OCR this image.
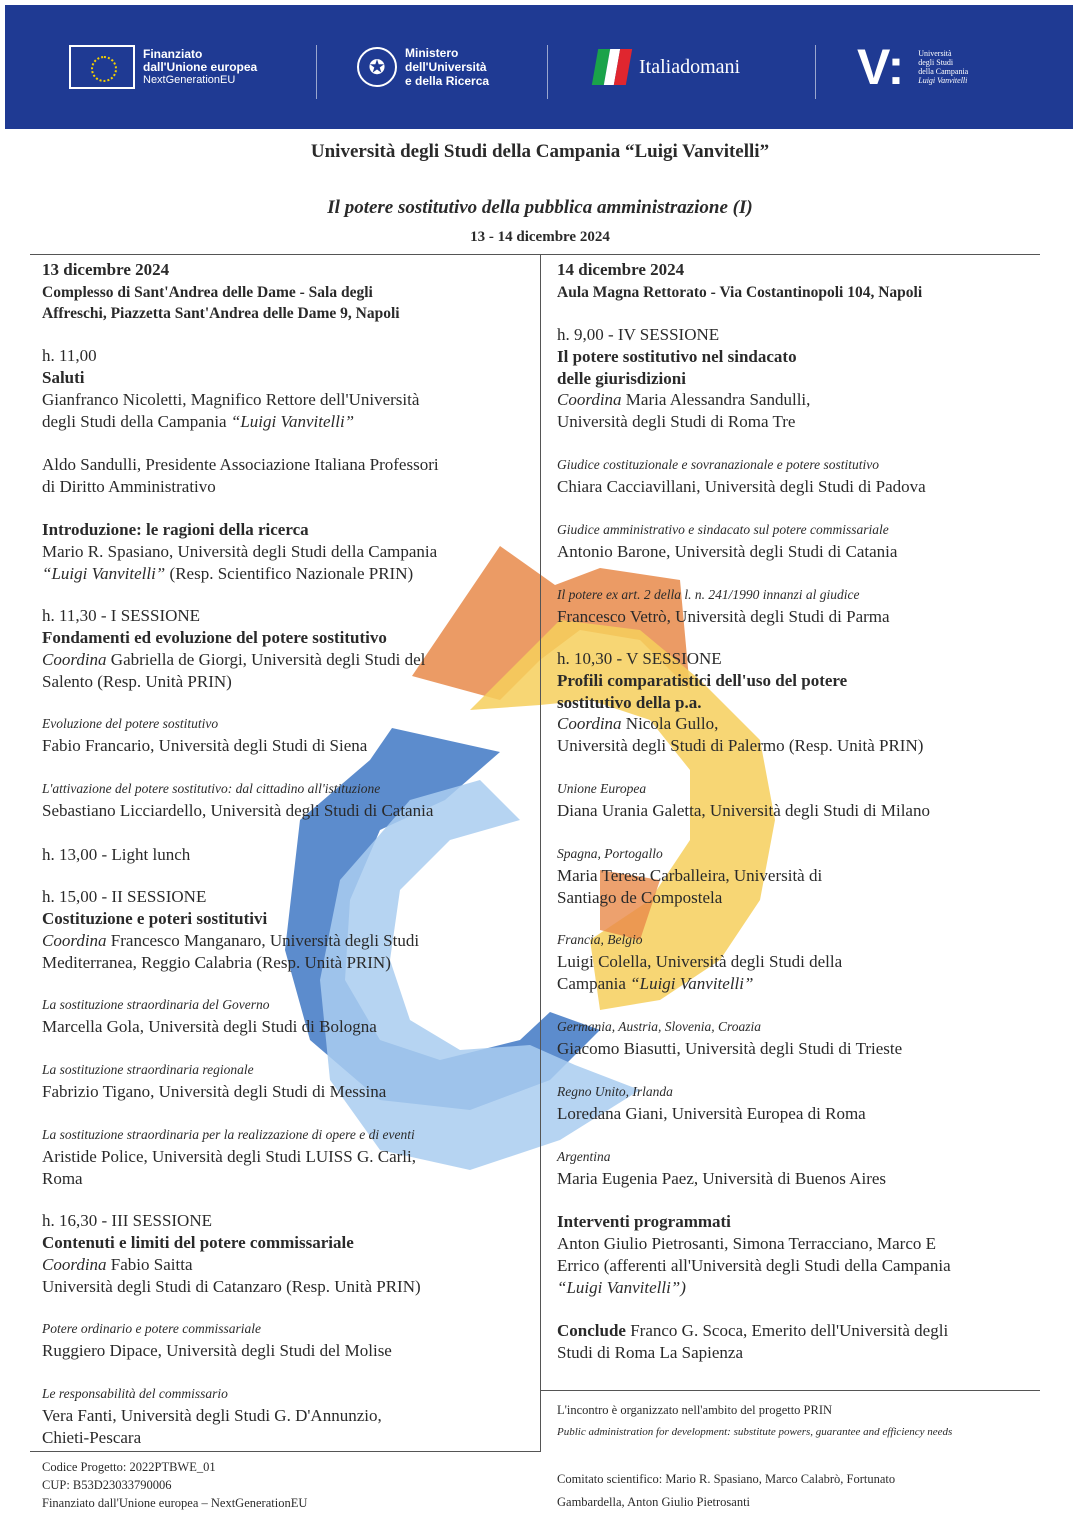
Finanziato
dall'Unione europea
NextGenerationEU
✪
Ministero
dell'Università
e della Ricerca
Italiadomani V: Università
degli Studi
della Campania
Luigi Vanvitelli
Università degli Studi della Campania “Luigi Vanvitelli”
Il potere sostitutivo della pubblica amministrazione (I)
13 - 14 dicembre 2024
13 dicembre 2024
Complesso di Sant'Andrea delle Dame - Sala degli
Affreschi, Piazzetta Sant'Andrea delle Dame 9, Napoli
h. 11,00
Saluti
Gianfranco Nicoletti, Magnifico Rettore dell'Università
degli Studi della Campania “Luigi Vanvitelli”
Aldo Sandulli, Presidente Associazione Italiana Professori
di Diritto Amministrativo
Introduzione: le ragioni della ricerca
Mario R. Spasiano, Università degli Studi della Campania
“Luigi Vanvitelli” (Resp. Scientifico Nazionale PRIN)
h. 11,30 - I SESSIONE
Fondamenti ed evoluzione del potere sostitutivo
Coordina Gabriella de Giorgi, Università degli Studi del
Salento (Resp. Unità PRIN)
Evoluzione del potere sostitutivo
Fabio Francario, Università degli Studi di Siena
L'attivazione del potere sostitutivo: dal cittadino all'istituzione
Sebastiano Licciardello, Università degli Studi di Catania
h. 13,00 - Light lunch
h. 15,00 - II SESSIONE
Costituzione e poteri sostitutivi
Coordina Francesco Manganaro, Università degli Studi
Mediterranea, Reggio Calabria (Resp. Unità PRIN)
La sostituzione straordinaria del Governo
Marcella Gola, Università degli Studi di Bologna
La sostituzione straordinaria regionale
Fabrizio Tigano, Università degli Studi di Messina
La sostituzione straordinaria per la realizzazione di opere e di eventi
Aristide Police, Università degli Studi LUISS G. Carli,
Roma
h. 16,30 - III SESSIONE
Contenuti e limiti del potere commissariale
Coordina Fabio Saitta
Università degli Studi di Catanzaro (Resp. Unità PRIN)
Potere ordinario e potere commissariale
Ruggiero Dipace, Università degli Studi del Molise
Le responsabilità del commissario
Vera Fanti, Università degli Studi G. D'Annunzio,
Chieti-Pescara
14 dicembre 2024
Aula Magna Rettorato - Via Costantinopoli 104, Napoli
h. 9,00 - IV SESSIONE
Il potere sostitutivo nel sindacato
delle giurisdizioni
Coordina Maria Alessandra Sandulli,
Università degli Studi di Roma Tre
Giudice costituzionale e sovranazionale e potere sostitutivo
Chiara Cacciavillani, Università degli Studi di Padova
Giudice amministrativo e sindacato sul potere commissariale
Antonio Barone, Università degli Studi di Catania
Il potere ex art. 2 della l. n. 241/1990 innanzi al giudice
Francesco Vetrò, Università degli Studi di Parma
h. 10,30 - V SESSIONE
Profili comparatistici dell'uso del potere
sostitutivo della p.a.
Coordina Nicola Gullo,
Università degli Studi di Palermo (Resp. Unità PRIN)
Unione Europea
Diana Urania Galetta, Università degli Studi di Milano
Spagna, Portogallo
Maria Teresa Carballeira, Università di
Santiago de Compostela
Francia, Belgio
Luigi Colella, Università degli Studi della
Campania “Luigi Vanvitelli”
Germania, Austria, Slovenia, Croazia
Giacomo Biasutti, Università degli Studi di Trieste
Regno Unito, Irlanda
Loredana Giani, Università Europea di Roma
Argentina
Maria Eugenia Paez, Università di Buenos Aires
Interventi programmati
Anton Giulio Pietrosanti, Simona Terracciano, Marco E
Errico (afferenti all'Università degli Studi della Campania
“Luigi Vanvitelli”)
Conclude Franco G. Scoca, Emerito dell'Università degli
Studi di Roma La Sapienza
L'incontro è organizzato nell'ambito del progetto PRIN
Public administration for development: substitute powers, guarantee and efficiency needs
Codice Progetto: 2022PTBWE_01
CUP: B53D23033790006
Finanziato dall'Unione europea – NextGenerationEU
Comitato scientifico: Mario R. Spasiano, Marco Calabrò, Fortunato
Gambardella, Anton Giulio Pietrosanti
